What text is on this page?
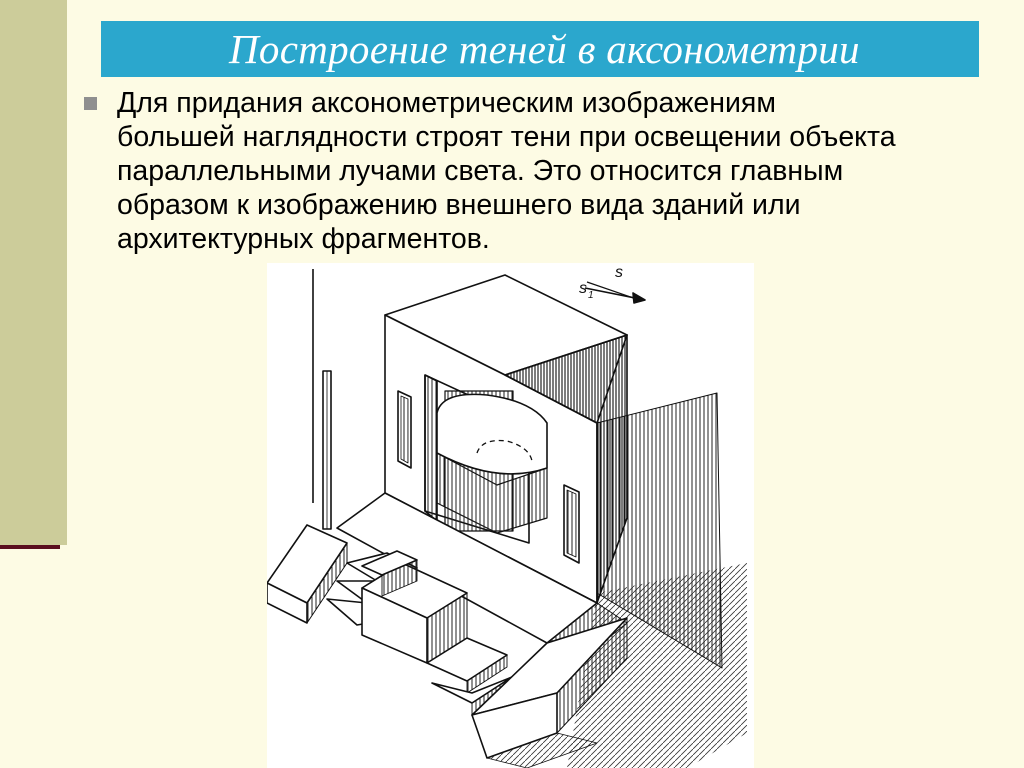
Построение теней в аксонометрии
Для придания аксонометрическим изображениям
большей наглядности строят тени при освещении объекта
параллельными лучами света. Это относится главным
образом к изображению внешнего вида зданий или
архитектурных фрагментов.
s
s 1
